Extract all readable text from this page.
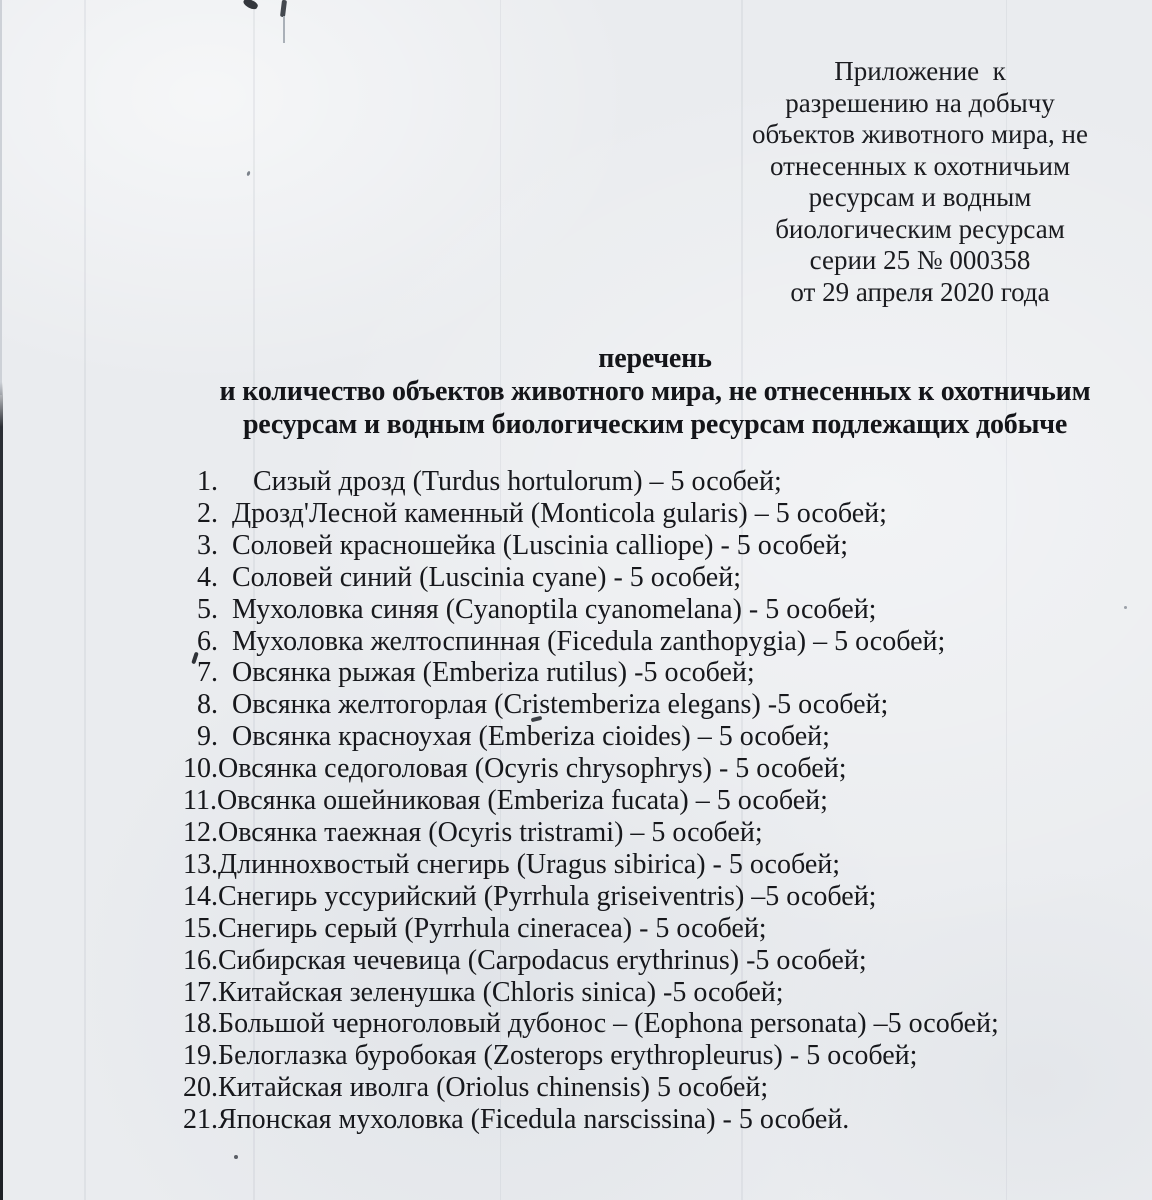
Приложение  к
разрешению на добычу
объектов животного мира, не
отнесенных к охотничьим
ресурсам и водным
биологическим ресурсам
серии 25 № 000358
от 29 апреля 2020 года
перечень
и количество объектов животного мира, не отнесенных к охотничьим
ресурсам и водным биологическим ресурсам подлежащих добыче
1.     Сизый дрозд (Turdus hortulorum) – 5 особей;
2.  Дрозд'Лесной каменный (Monticola gularis) – 5 особей;
3.  Соловей красношейка (Luscinia calliope) - 5 особей;
4.  Соловей синий (Luscinia cyane) - 5 особей;
5.  Мухоловка синяя (Cyanoptila cyanomelana) - 5 особей;
6.  Мухоловка желтоспинная (Ficedula zanthopygia) – 5 особей;
7.  Овсянка рыжая (Emberiza rutilus) -5 особей;
8.  Овсянка желтогорлая (Cristemberiza elegans) -5 особей;
9.  Овсянка красноухая (Emberiza cioides) – 5 особей;
10.Овсянка седоголовая (Ocyris chrysophrys) - 5 особей;
11.Овсянка ошейниковая (Emberiza fucata) – 5 особей;
12.Овсянка таежная (Ocyris tristrami) – 5 особей;
13.Длиннохвостый снегирь (Uragus sibirica) - 5 особей;
14.Снегирь уссурийский (Pyrrhula griseiventris) –5 особей;
15.Снегирь серый (Pyrrhula cineracea) - 5 особей;
16.Сибирская чечевица (Carpodacus erythrinus) -5 особей;
17.Китайская зеленушка (Chloris sinica) -5 особей;
18.Большой черноголовый дубонос – (Eophona personata) –5 особей;
19.Белоглазка буробокая (Zosterops erythropleurus) - 5 особей;
20.Китайская иволга (Oriolus chinensis) 5 особей;
21.Японская мухоловка (Ficedula narscissina) - 5 особей.
